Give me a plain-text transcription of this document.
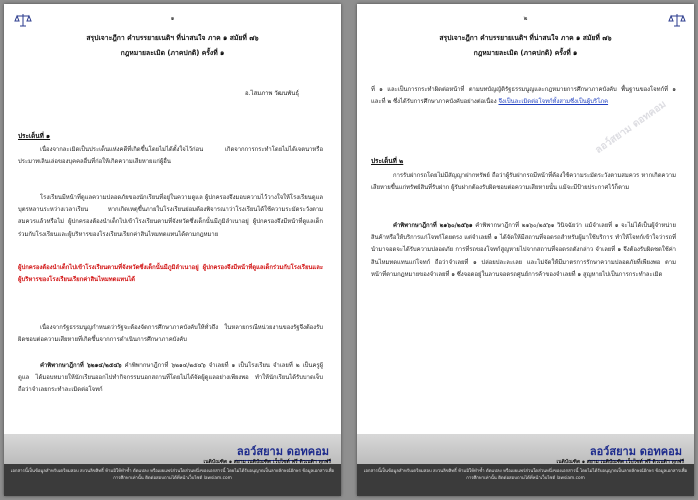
๑
สรุปเจาะฎีกา คำบรรยายเนติฯ ที่น่าสนใจ ภาค ๑ สมัยที่ ๗๖
กฎหมายละเมิด (ภาคปกติ) ครั้งที่ ๑
อ.ไสมภาพ วัฒนพันธุ์
ประเด็นที่ ๑
เนื่องจากละเมิดเป็นประเด็นแห่งคดีที่เกิดขึ้นโดยไม่ได้ตั้งใจไว้ก่อน เกิดจากการกระทำโดยไม่ได้เจตนาหรือประมาทเลินเล่อของบุคคลอื่นที่ก่อให้เกิดความเสียหายแก่ผู้อื่น
โรงเรียนมีหน้าที่ดูแลความปลอดภัยของนักเรียนที่อยู่ในความดูแล ผู้ปกครองจึงมอบความไว้วางใจให้โรงเรียนดูแลบุตรหลานระหว่างเวลาเรียน หากเกิดเหตุขึ้นภายในโรงเรียนย่อมต้องพิจารณาว่าโรงเรียนได้ใช้ความระมัดระวังตามสมควรแล้วหรือไม่ ผู้ปกครองต้องนำเด็กไปเข้าโรงเรียนตามที่จังหวัดซึ่งเด็กนั้นมีภูมิลำเนาอยู่ ผู้ปกครองจึงมีหน้าที่ดูแลเด็กร่วมกับโรงเรียนและผู้บริหารของโรงเรียนเรียกค่าสินไหมทดแทนได้ตามกฎหมาย
ผู้ปกครองต้องนำเด็กไปเข้าโรงเรียนตามที่จังหวัดซึ่งเด็กนั้นมีภูมิลำเนาอยู่ ผู้ปกครองจึงมีหน้าที่ดูแลเด็กร่วมกับโรงเรียนและผู้บริหารของโรงเรียนเรียกค่าสินไหมทดแทนได้
เนื่องจากรัฐธรรมนูญกำหนดว่ารัฐจะต้องจัดการศึกษาภาคบังคับให้ทั่วถึง ในหลายกรณีหน่วยงานของรัฐจึงต้องรับผิดชอบต่อความเสียหายที่เกิดขึ้นจากการดำเนินการศึกษาภาคบังคับ
คำพิพากษาฎีกาที่ ๖๒๑๔/๒๕๔๖ คำพิพากษาฎีกาที่ ๖๒๑๔/๒๕๔๖ จำเลยที่ ๑ เป็นโรงเรียน จำเลยที่ ๒ เป็นครูผู้ดูแล ได้มอบหมายให้นักเรียนออกไปทำกิจกรรมนอกสถานที่โดยไม่ได้จัดผู้ดูแลอย่างเพียงพอ ทำให้นักเรียนได้รับบาดเจ็บ ถือว่าจำเลยกระทำละเมิดต่อโจทก์
ลอว์สยาม ดอทคอม
เนติบัณฑิต ๑ สยาม เนติบัณฑิต เว็บไซต์ ฟรี ติวเนติฯ ทุกฟรี
เอกสารนี้เป็นข้อมูลสำหรับเตรียมสอบ สงวนลิขสิทธิ์ ห้ามมิให้ทำซ้ำ ดัดแปลง หรือเผยแพร่ส่วนใดส่วนหนึ่งของเอกสารนี้ โดยไม่ได้รับอนุญาตเป็นลายลักษณ์อักษร ข้อมูลเอกสารเพื่อการศึกษาเท่านั้น ติดต่อสอบถามได้ที่หน้าเว็บไซต์ lawsiam.com
๒
สรุปเจาะฎีกา คำบรรยายเนติฯ ที่น่าสนใจ ภาค ๑ สมัยที่ ๗๖
กฎหมายละเมิด (ภาคปกติ) ครั้งที่ ๑
ที่ ๑ และเป็นการกระทำผิดต่อหน้าที่ ตามบทบัญญัติรัฐธรรมนูญและกฎหมายการศึกษาภาคบังคับ พื้นฐานของโจทก์ที่ ๑ และที่ ๒ ซึ่งได้รับการศึกษาภาคบังคับอย่างต่อเนื่อง จึงเป็นละเมิดต่อโจทก์ทั้งสามซึ่งเป็นผู้บริโภค
ลอว์สยาม ดอทคอม
ประเด็นที่ ๒
การรับฝากรถโดยไม่มีสัญญาฝากทรัพย์ ถือว่าผู้รับฝากรถมีหน้าที่ต้องใช้ความระมัดระวังตามสมควร หากเกิดความเสียหายขึ้นแก่ทรัพย์สินที่รับฝาก ผู้รับฝากต้องรับผิดชอบต่อความเสียหายนั้น แม้จะมีป้ายประกาศไว้ก็ตาม
คำพิพากษาฎีกาที่ ๒๑๖๐/๒๕๖๑ คำพิพากษาฎีกาที่ ๒๑๖๐/๒๕๖๑ วินิจฉัยว่า แม้จำเลยที่ ๑ จะไม่ได้เป็นผู้จำหน่ายสินค้าหรือให้บริการแก่โจทก์โดยตรง แต่จำเลยที่ ๑ ได้จัดให้มีสถานที่จอดรถสำหรับผู้มาใช้บริการ ทำให้โจทก์เข้าใจว่ารถที่นำมาจอดจะได้รับความปลอดภัย การที่รถของโจทก์สูญหายไปจากสถานที่จอดรถดังกล่าว จำเลยที่ ๑ จึงต้องรับผิดชดใช้ค่าสินไหมทดแทนแก่โจทก์ ถือว่าจำเลยที่ ๑ ปล่อยปละละเลย และไม่จัดให้มีมาตรการรักษาความปลอดภัยที่เพียงพอ ตามหน้าที่ตามกฎหมายของจำเลยที่ ๑ ซึ่งจอดอยู่ในลานจอดรถศูนย์การค้าของจำเลยที่ ๑ สูญหายไปเป็นการกระทำละเมิด
ลอว์สยาม ดอทคอม
เนติบัณฑิต ๑ สยาม เนติบัณฑิต เว็บไซต์ ฟรี ติวเนติฯ ทุกฟรี
เอกสารนี้เป็นข้อมูลสำหรับเตรียมสอบ สงวนลิขสิทธิ์ ห้ามมิให้ทำซ้ำ ดัดแปลง หรือเผยแพร่ส่วนใดส่วนหนึ่งของเอกสารนี้ โดยไม่ได้รับอนุญาตเป็นลายลักษณ์อักษร ข้อมูลเอกสารเพื่อการศึกษาเท่านั้น ติดต่อสอบถามได้ที่หน้าเว็บไซต์ lawsiam.com
